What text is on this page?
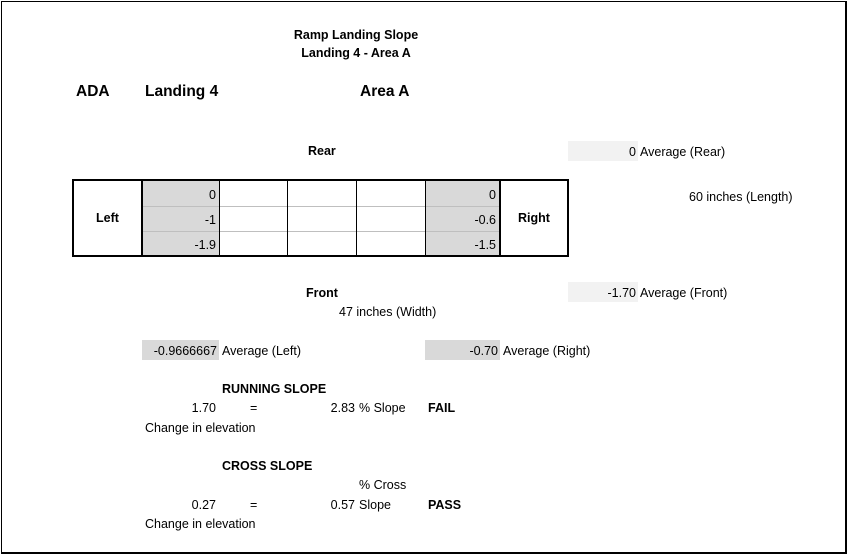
Ramp Landing Slope
Landing 4 - Area A
ADA Landing 4	Area A
Rear	0 Average (Rear)
60 inches (Length)
Left	Right
0	0
-1	-0.6
-1.9	-1.5
Front	-1.70 Average (Front)
47 inches (Width)
-0.9666667 Average (Left)	-0.70 Average (Right)
RUNNING SLOPE
1.70	=	2.83 % Slope FAIL
Change in elevation
CROSS SLOPE
% Cross
0.27	=	0.57 Slope	PASS
Change in elevation
